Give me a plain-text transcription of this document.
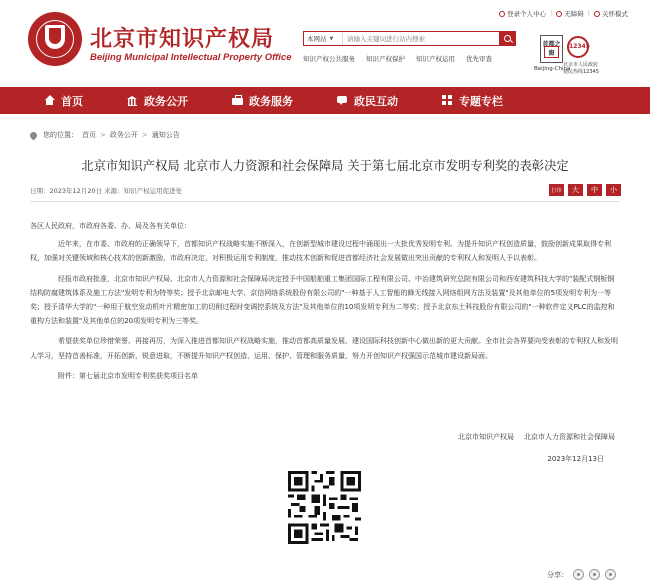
登录个人中心 |	无障碍 |	关怀模式
北京市知识产权局
Beijing Municipal Intellectual Property Office
本网站 ▼
请输入关键词进行站内搜索
知识产权公共服务 知识产权保护 知识产权运用 优先审查
首都之窗
Beijing-China
12345
北京市人民政府
便民热线12345
首页	政务公开	政务服务	政民互动	专题专栏
您的位置： 首页 > 政务公开 > 通知公告
北京市知识产权局 北京市人力资源和社会保障局 关于第七届北京市发明专利奖的表彰决定
日期：2023年12月20日 来源：知识产权运用促进处	打印	大	中	小

各区人民政府，市政府各委、办、局及各有关单位：

近年来，在市委、市政府的正确领导下，首都知识产权战略实施不断深入，在创新型城市建设过程中涌现出一大批优秀发明专利。为提升知识产权创造质量，鼓励创新成果取得专利权，加强对关键领域和核心技术的创新激励，市政府决定，对积极运用专利制度，推动技术创新和促进首都经济社会发展做出突出贡献的专利权人和发明人予以表彰。

经报市政府批准，北京市知识产权局、北京市人力资源和社会保障局决定授予中国船舶重工集团国际工程有限公司、中冶建筑研究总院有限公司和西安建筑科技大学的"装配式钢板钢结构防腐建筑体系及施工方法"发明专利为特等奖；授予北京邮电大学、京信网络系统股份有限公司的"一种基于人工智能的蜂无线接入网络组网方法及装置"及其他单位的5项发明专利为一等奖；授予清华大学的"一种用于航空发动机叶片精密加工的切削过程时变调控系统及方法"及其他单位的10项发明专利为二等奖；授予北京东土科技股份有限公司的"一种软件定义PLC的监控和重构方法和装置"及其他单位的20项发明专利为三等奖。

希望获奖单位珍惜荣誉、再接再厉，为深入推进首都知识产权战略实施，推动首都高质量发展，建设国际科技创新中心做出新的更大贡献。全市社会各界要向受表彰的专利权人和发明人学习，坚持首善标准，开拓创新，锐意进取，不断提升知识产权创造、运用、保护、管理和服务质量，努力开创知识产权强国示范城市建设新局面。

附件：第七届北京市发明专利奖获奖项目名单

北京市知识产权局 北京市人力资源和社会保障局
2023年12月13日
分享：
